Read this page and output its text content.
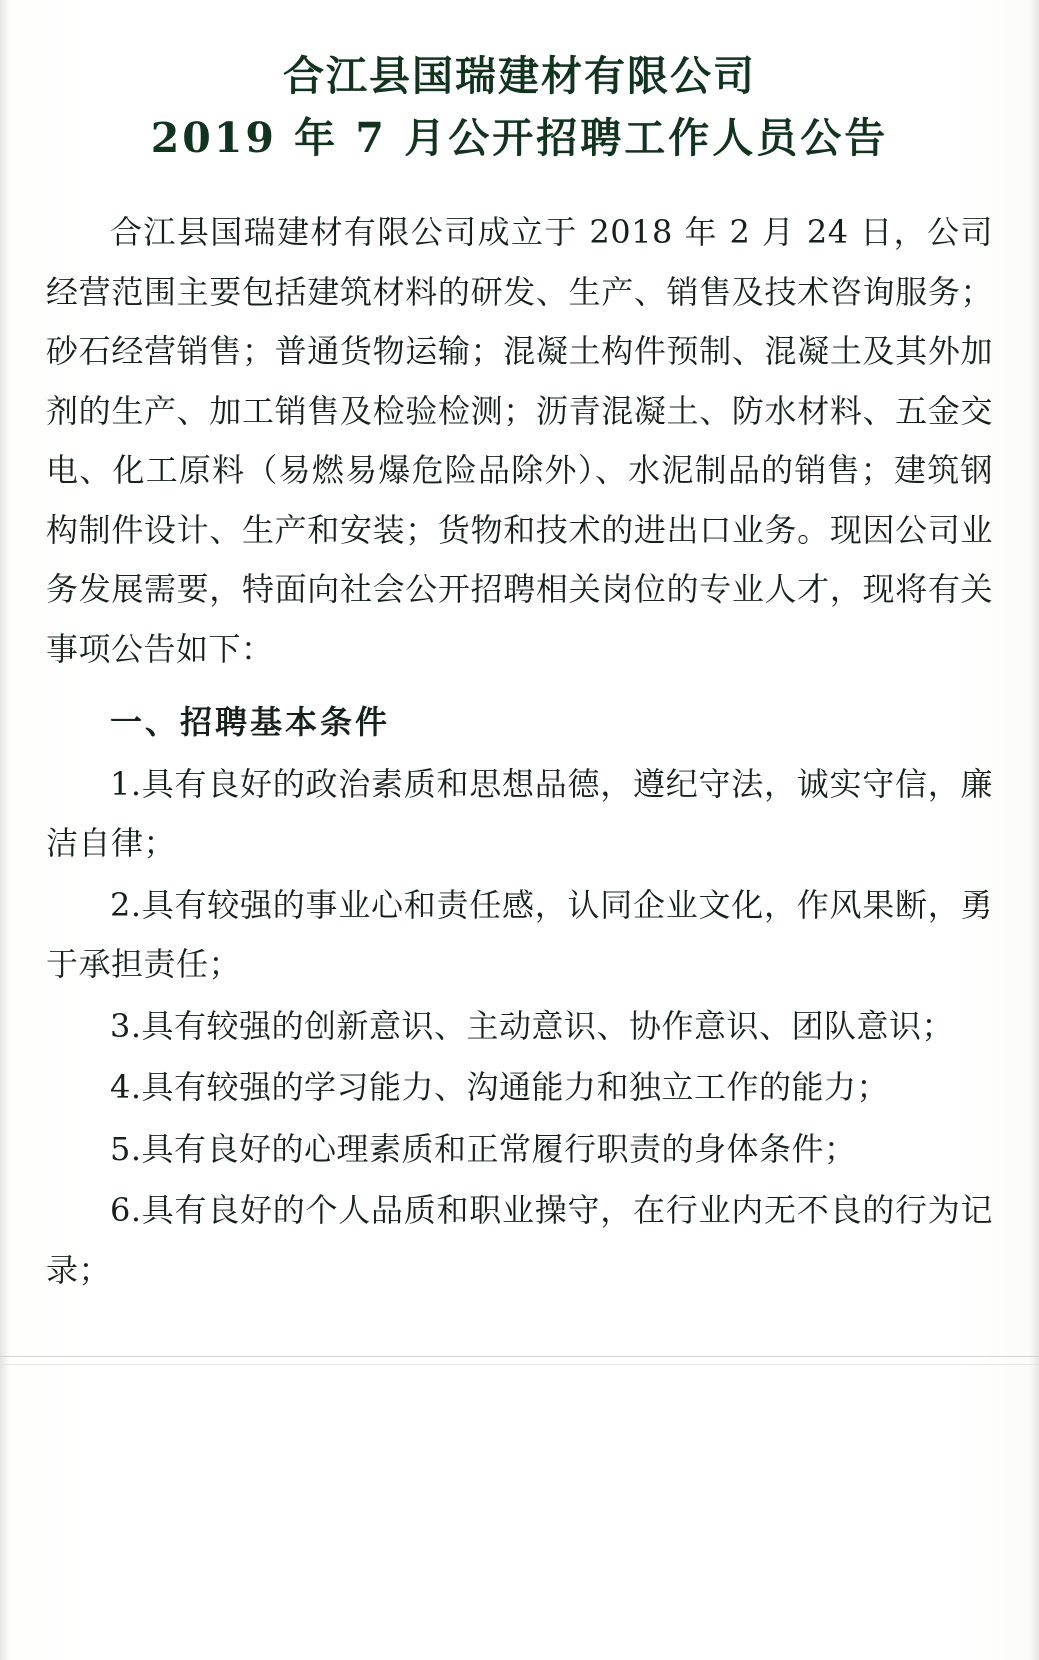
合江县国瑞建材有限公司
2019 年 7 月公开招聘工作人员公告

合江县国瑞建材有限公司成立于 2018 年 2 月 24 日，公司经营范围主要包括建筑材料的研发、生产、销售及技术咨询服务；砂石经营销售；普通货物运输；混凝土构件预制、混凝土及其外加剂的生产、加工销售及检验检测；沥青混凝土、防水材料、五金交电、化工原料（易燃易爆危险品除外）、水泥制品的销售；建筑钢构制件设计、生产和安装；货物和技术的进出口业务。现因公司业务发展需要，特面向社会公开招聘相关岗位的专业人才，现将有关事项公告如下：

一、招聘基本条件

1.具有良好的政治素质和思想品德，遵纪守法，诚实守信，廉洁自律；

2.具有较强的事业心和责任感，认同企业文化，作风果断，勇于承担责任；

3.具有较强的创新意识、主动意识、协作意识、团队意识；

4.具有较强的学习能力、沟通能力和独立工作的能力；

5.具有良好的心理素质和正常履行职责的身体条件；

6.具有良好的个人品质和职业操守，在行业内无不良的行为记录；
